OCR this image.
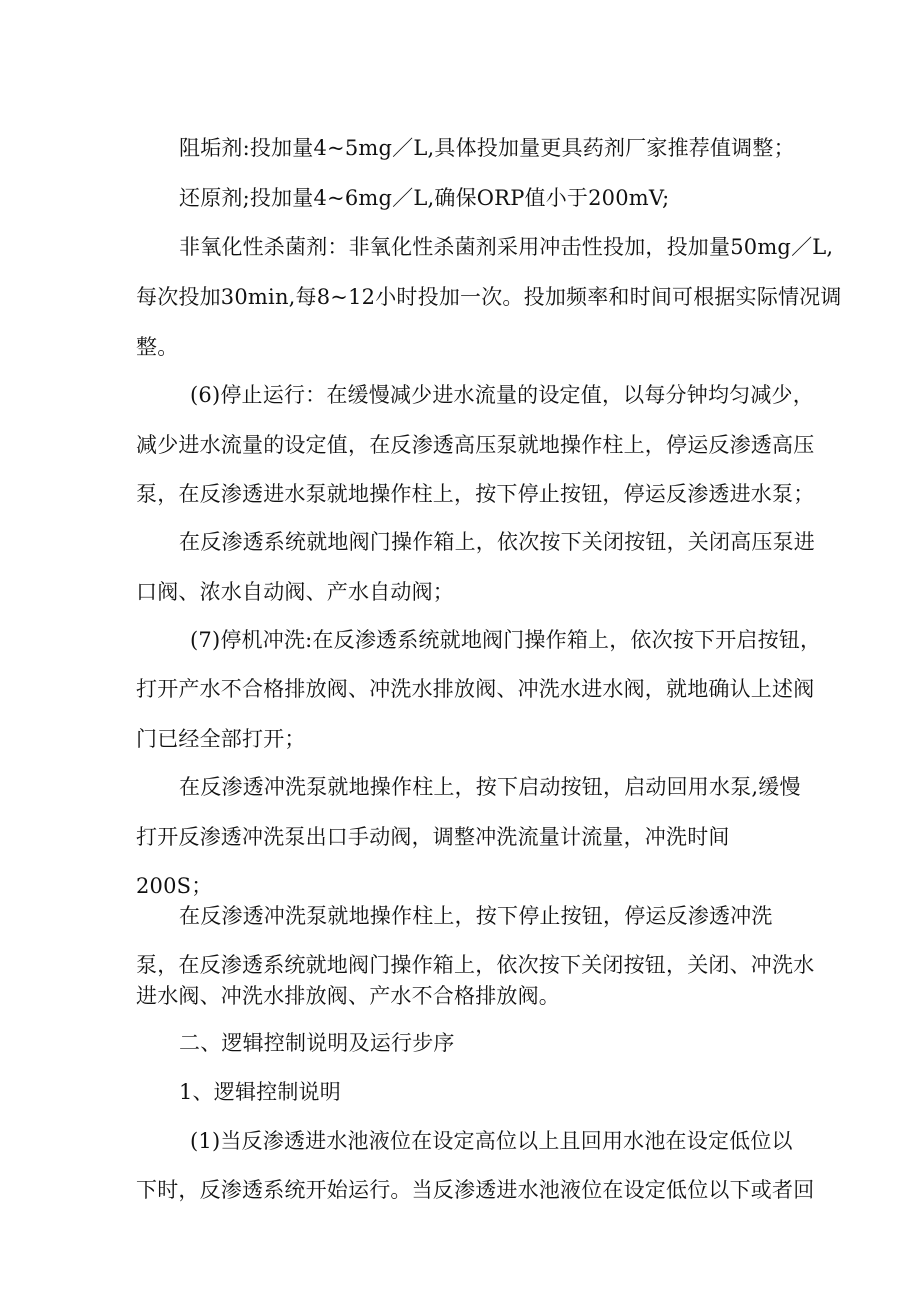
阻垢剂:投加量4~5mg／L,具体投加量更具药剂厂家推荐值调整；
还原剂;投加量4~6mg／L,确保ORP值小于200mV;
非氧化性杀菌剂：非氧化性杀菌剂采用冲击性投加，投加量50mg／L,
每次投加30min,每8~12小时投加一次。投加频率和时间可根据实际情况调
整。
(6)停止运行：在缓慢减少进水流量的设定值，以每分钟均匀减少，
减少进水流量的设定值，在反渗透高压泵就地操作柱上，停运反渗透高压
泵，在反渗透进水泵就地操作柱上，按下停止按钮，停运反渗透进水泵；
在反渗透系统就地阀门操作箱上，依次按下关闭按钮，关闭高压泵进
口阀、浓水自动阀、产水自动阀；
(7)停机冲洗:在反渗透系统就地阀门操作箱上，依次按下开启按钮，
打开产水不合格排放阀、冲洗水排放阀、冲洗水进水阀，就地确认上述阀
门已经全部打开；
在反渗透冲洗泵就地操作柱上，按下启动按钮，启动回用水泵,缓慢
打开反渗透冲洗泵出口手动阀，调整冲洗流量计流量，冲洗时间
200S；
在反渗透冲洗泵就地操作柱上，按下停止按钮，停运反渗透冲洗
泵，在反渗透系统就地阀门操作箱上，依次按下关闭按钮，关闭、冲洗水
进水阀、冲洗水排放阀、产水不合格排放阀。
二、逻辑控制说明及运行步序
1、逻辑控制说明
(1)当反渗透进水池液位在设定高位以上且回用水池在设定低位以
下时，反渗透系统开始运行。当反渗透进水池液位在设定低位以下或者回
